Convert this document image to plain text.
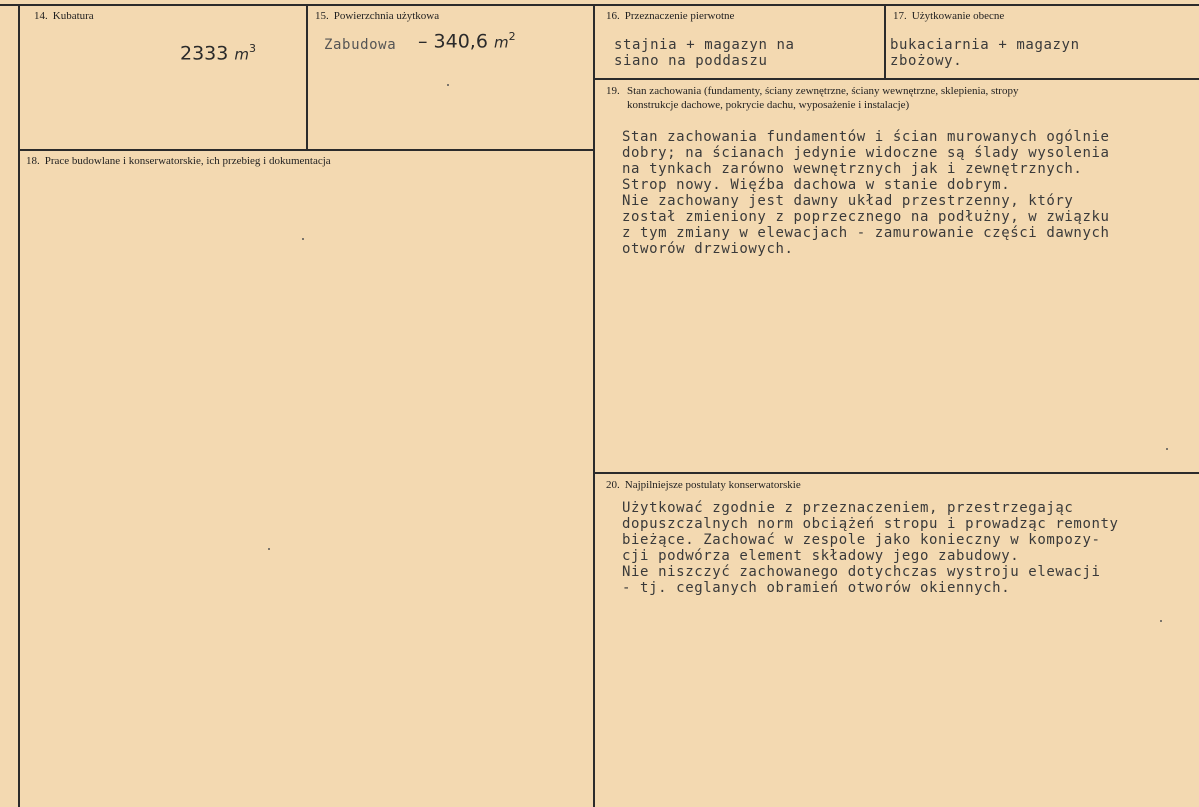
14. Kubatura
2333 $m^3$
15. Powierzchnia użytkowa
Zabudowa – 340,6 $m^2$
16. Przeznaczenie pierwotne
stajnia + magazyn na
siano na poddaszu
17. Użytkowanie obecne
bukaciarnia + magazyn
zbożowy.
18. Prace budowlane i konserwatorskie, ich przebieg i dokumentacja
19. Stan zachowania (fundamenty, ściany zewnętrzne, ściany wewnętrzne, sklepienia, stropy
konstrukcje dachowe, pokrycie dachu, wyposażenie i instalacje)
Stan zachowania fundamentów i ścian murowanych ogólnie
dobry; na ścianach jedynie widoczne są ślady wysolenia
na tynkach zarówno wewnętrznych jak i zewnętrznych.
Strop nowy. Więźba dachowa w stanie dobrym.
Nie zachowany jest dawny układ przestrzenny, który
został zmieniony z poprzecznego na podłużny, w związku
z tym zmiany w elewacjach - zamurowanie części dawnych
otworów drzwiowych.
20. Najpilniejsze postulaty konserwatorskie
Użytkować zgodnie z przeznaczeniem, przestrzegając
dopuszczalnych norm obciążeń stropu i prowadząc remonty
bieżące. Zachować w zespole jako konieczny w kompozy-
cji podwórza element składowy jego zabudowy.
Nie niszczyć zachowanego dotychczas wystroju elewacji
- tj. ceglanych obramień otworów okiennych.
